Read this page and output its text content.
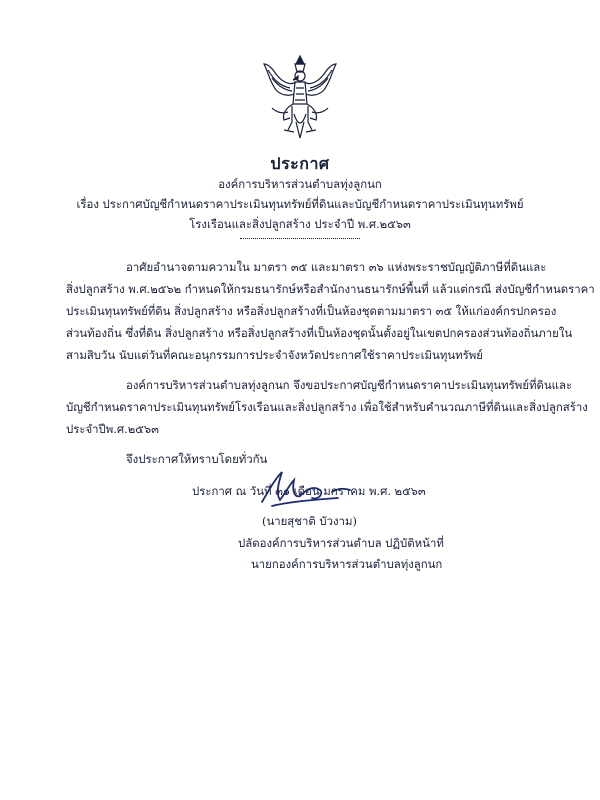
ประกาศ
องค์การบริหารส่วนตำบลทุ่งลูกนก
เรื่อง ประกาศบัญชีกำหนดราคาประเมินทุนทรัพย์ที่ดินและบัญชีกำหนดราคาประเมินทุนทรัพย์
โรงเรือนและสิ่งปลูกสร้าง ประจำปี พ.ศ.๒๕๖๓
อาศัยอำนาจตามความใน มาตรา ๓๕ และมาตรา ๓๖ แห่งพระราชบัญญัติภาษีที่ดินและ
สิ่งปลูกสร้าง พ.ศ.๒๕๖๒ กำหนดให้กรมธนารักษ์หรือสำนักงานธนารักษ์พื้นที่ แล้วแต่กรณี ส่งบัญชีกำหนดราคา
ประเมินทุนทรัพย์ที่ดิน สิ่งปลูกสร้าง หรือสิ่งปลูกสร้างที่เป็นห้องชุดตามมาตรา ๓๕ ให้แก่องค์กรปกครอง
ส่วนท้องถิ่น ซึ่งที่ดิน สิ่งปลูกสร้าง หรือสิ่งปลูกสร้างที่เป็นห้องชุดนั้นตั้งอยู่ในเขตปกครองส่วนท้องถิ่นภายใน
สามสิบวัน นับแต่วันที่คณะอนุกรรมการประจำจังหวัดประกาศใช้ราคาประเมินทุนทรัพย์
องค์การบริหารส่วนตำบลทุ่งลูกนก จึงขอประกาศบัญชีกำหนดราคาประเมินทุนทรัพย์ที่ดินและ
บัญชีกำหนดราคาประเมินทุนทรัพย์โรงเรือนและสิ่งปลูกสร้าง เพื่อใช้สำหรับคำนวณภาษีที่ดินและสิ่งปลูกสร้าง
ประจำปีพ.ศ.๒๕๖๓
จึงประกาศให้ทราบโดยทั่วกัน
ประกาศ ณ วันที่ ๓๑ เดือน มกราคม พ.ศ. ๒๕๖๓
(นายสุชาติ บัวงาม)
ปลัดองค์การบริหารส่วนตำบล ปฏิบัติหน้าที่
นายกองค์การบริหารส่วนตำบลทุ่งลูกนก
